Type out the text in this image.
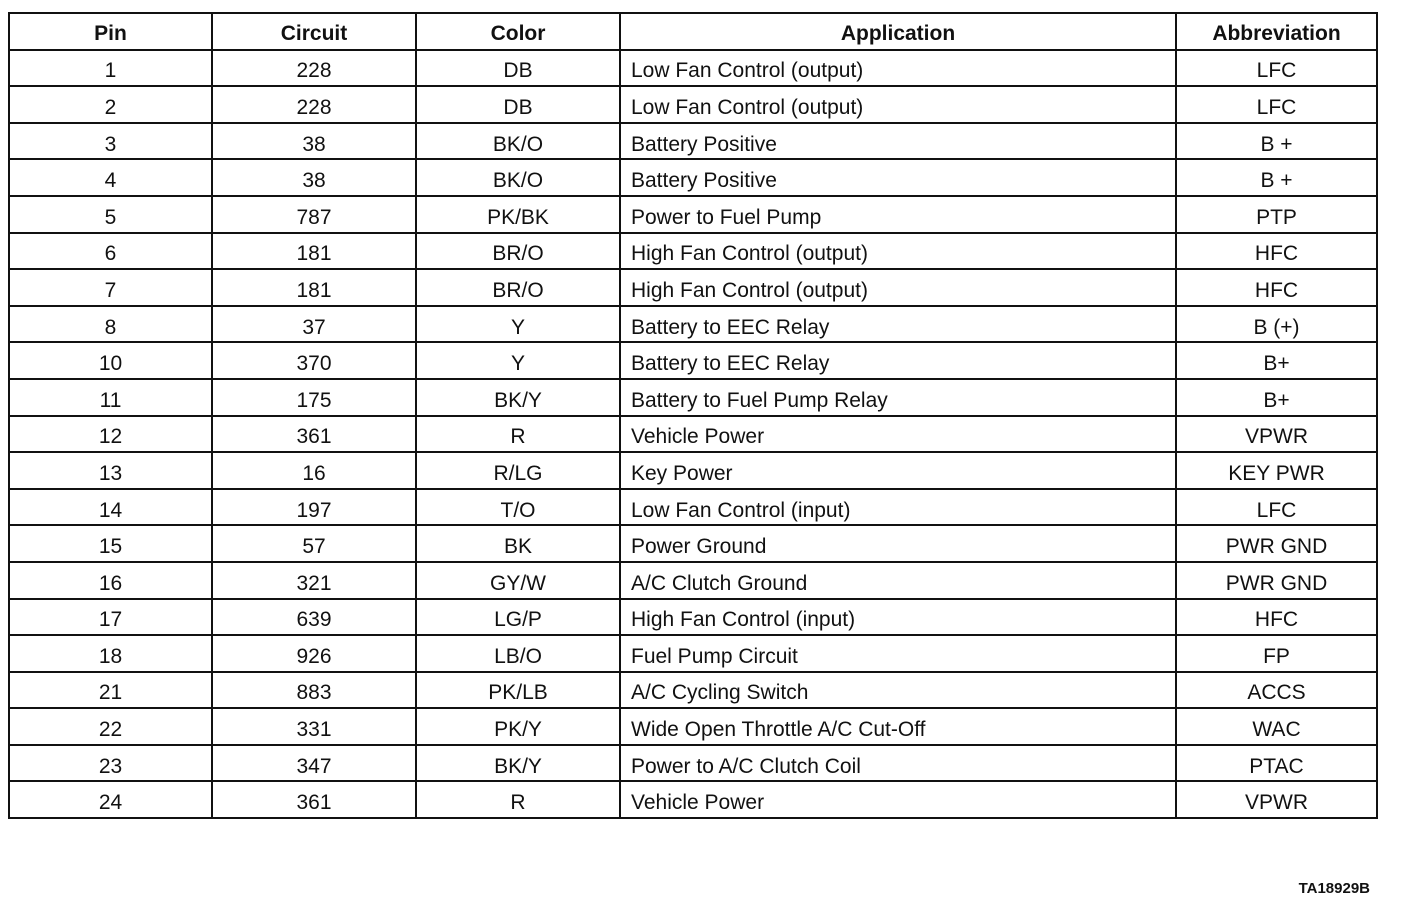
Pin	Circuit	Color	Application	Abbreviation
1	228	DB	Low Fan Control (output)	LFC
2	228	DB	Low Fan Control (output)	LFC
3	38	BK/O	Battery Positive	B +
4	38	BK/O	Battery Positive	B +
5	787	PK/BK	Power to Fuel Pump	PTP
6	181	BR/O	High Fan Control (output)	HFC
7	181	BR/O	High Fan Control (output)	HFC
8	37	Y	Battery to EEC Relay	B (+)
10	370	Y	Battery to EEC Relay	B+
11	175	BK/Y	Battery to Fuel Pump Relay	B+
12	361	R	Vehicle Power	VPWR
13	16	R/LG	Key Power	KEY PWR
14	197	T/O	Low Fan Control (input)	LFC
15	57	BK	Power Ground	PWR GND
16	321	GY/W	A/C Clutch Ground	PWR GND
17	639	LG/P	High Fan Control (input)	HFC
18	926	LB/O	Fuel Pump Circuit	FP
21	883	PK/LB	A/C Cycling Switch	ACCS
22	331	PK/Y	Wide Open Throttle A/C Cut-Off	WAC
23	347	BK/Y	Power to A/C Clutch Coil	PTAC
24	361	R	Vehicle Power	VPWR
TA18929B
